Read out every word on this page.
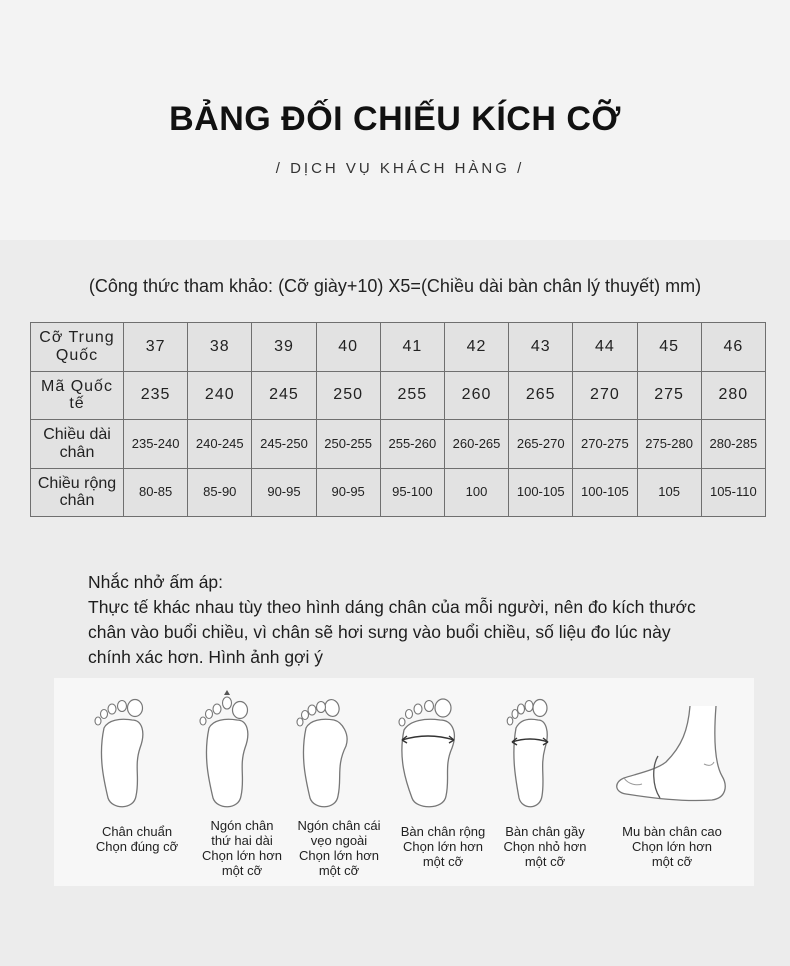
BẢNG ĐỐI CHIẾU KÍCH CỠ
/ DỊCH VỤ KHÁCH HÀNG /
(Công thức tham khảo: (Cỡ giày+10) X5=(Chiều dài bàn chân lý thuyết) mm)
Cỡ Trung
Quốc	37	38	39	40	41	42	43	44	45	46

Mã Quốc tế	235	240	245	250	255	260	265	270	275	280

Chiều dài
chân	235-240	240-245	245-250	250-255	255-260	260-265	265-270	270-275	275-280	280-285

Chiều rộng
chân	80-85	85-90	90-95	90-95	95-100	100	100-105	100-105	105	105-110
Nhắc nhở ấm áp:
Thực tế khác nhau tùy theo hình dáng chân của mỗi người, nên đo kích thước
chân vào buổi chiều, vì chân sẽ hơi sưng vào buổi chiều, số liệu đo lúc này
chính xác hơn. Hình ảnh gợi ý
Chân chuẩn
Chọn đúng cỡ
Ngón chân
thứ hai dài
Chọn lớn hơn
một cỡ
Ngón chân cái
vẹo ngoài
Chọn lớn hơn
một cỡ
Bàn chân rộng
Chọn lớn hơn
một cỡ
Bàn chân gầy
Chọn nhỏ hơn
một cỡ
Mu bàn chân cao
Chọn lớn hơn
một cỡ
